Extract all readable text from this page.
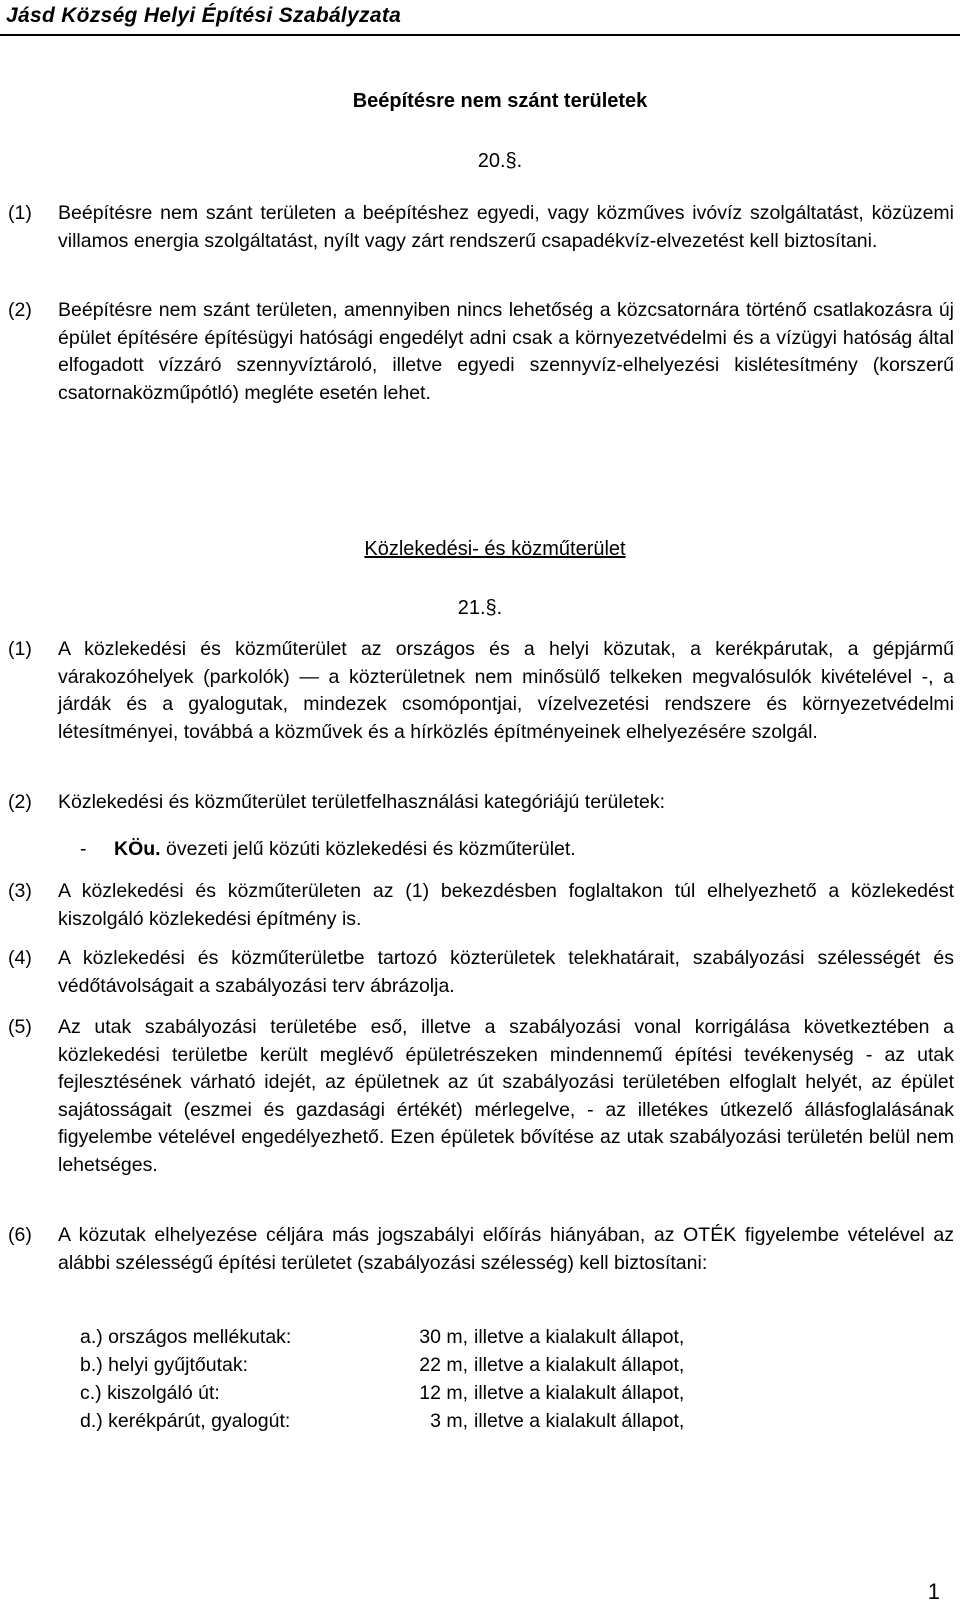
Jásd Község Helyi Építési Szabályzata
Beépítésre nem szánt területek
20.§.
(1) Beépítésre nem szánt területen a beépítéshez egyedi, vagy közműves ivóvíz szolgáltatást, közüzemi villamos energia szolgáltatást, nyílt vagy zárt rendszerű csapadékvíz-elvezetést kell biztosítani.
(2) Beépítésre nem szánt területen, amennyiben nincs lehetőség a közcsatornára történő csatlakozásra új épület építésére építésügyi hatósági engedélyt adni csak a környezetvédelmi és a vízügyi hatóság által elfogadott vízzáró szennyvíztároló, illetve egyedi szennyvíz-elhelyezési kislétesítmény (korszerű csatornaközműpótló) megléte esetén lehet.
Közlekedési- és közműterület
21.§.
(1) A közlekedési és közműterület az országos és a helyi közutak, a kerékpárutak, a gépjármű várakozóhelyek (parkolók) — a közterületnek nem minősülő telkeken megvalósulók kivételével -, a járdák és a gyalogutak, mindezek csomópontjai, vízelvezetési rendszere és környezetvédelmi létesítményei, továbbá a közművek és a hírközlés építményeinek elhelyezésére szolgál.
(2) Közlekedési és közműterület területfelhasználási kategóriájú területek:
- KÖu. övezeti jelű közúti közlekedési és közműterület.
(3) A közlekedési és közműterületen az (1) bekezdésben foglaltakon túl elhelyezhető a közlekedést kiszolgáló közlekedési építmény is.
(4) A közlekedési és közműterületbe tartozó közterületek telekhatárait, szabályozási szélességét és védőtávolságait a szabályozási terv ábrázolja.
(5) Az utak szabályozási területébe eső, illetve a szabályozási vonal korrigálása következtében a közlekedési területbe került meglévő épületrészeken mindennemű építési tevékenység - az utak fejlesztésének várható idejét, az épületnek az út szabályozási területében elfoglalt helyét, az épület sajátosságait (eszmei és gazdasági értékét) mérlegelve, - az illetékes útkezelő állásfoglalásának figyelembe vételével engedélyezhető. Ezen épületek bővítése az utak szabályozási területén belül nem lehetséges.
(6) A közutak elhelyezése céljára más jogszabályi előírás hiányában, az OTÉK figyelembe vételével az alábbi szélességű építési területet (szabályozási szélesség) kell biztosítani:
a.) országos mellékutak:	30 m, illetve a kialakult állapot,
b.) helyi gyűjtőutak:	22 m, illetve a kialakult állapot,
c.) kiszolgáló út:	12 m, illetve a kialakult állapot,
d.) kerékpárút, gyalogút:	3 m, illetve a kialakult állapot,
1
